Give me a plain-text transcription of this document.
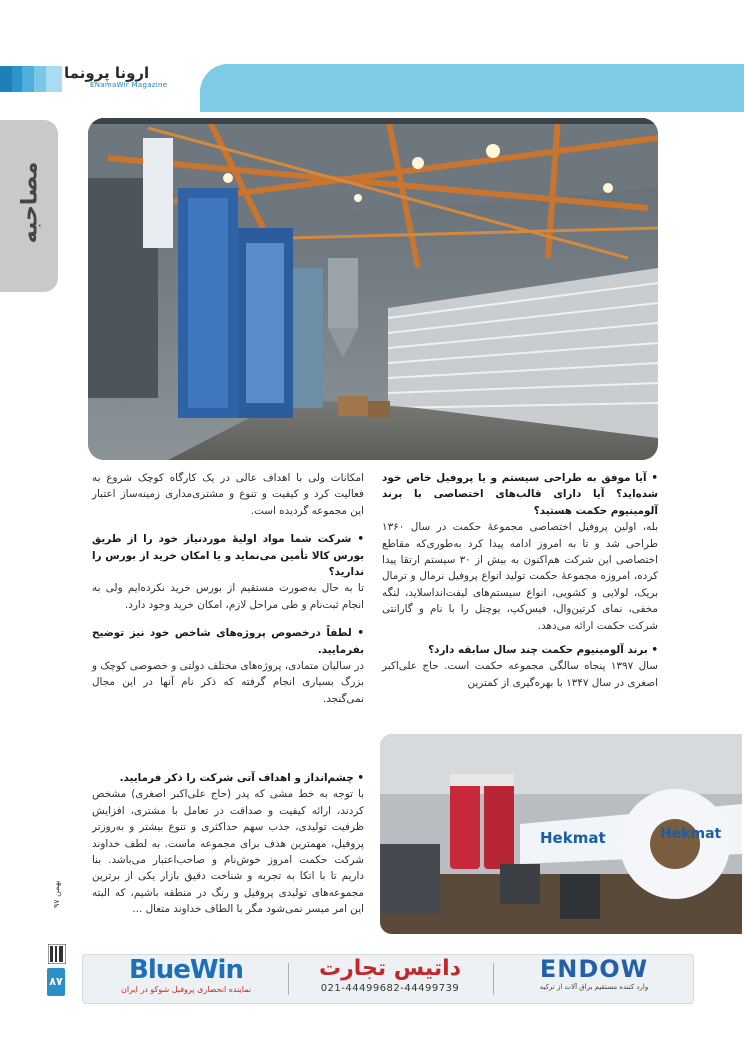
ارونا پرونما
ENamaWir Magazine
مصاحبه
• آیا موفق به طراحی سیستم و یا پروفیل خاص خود شده‌اید؟ آیا دارای قالب‌های اختصاصی با برند آلومینیوم حکمت هستید؟
بله، اولین پروفیل اختصاصی مجموعهٔ حکمت در سال ۱۳۶۰ طراحی شد و تا به امروز ادامه پیدا کرد به‌طوری‌که مقاطع اختصاصی این شرکت هم‌اکنون به بیش از ۳۰ سیستم ارتقا پیدا کرده، امروزه مجموعهٔ حکمت تولید انواع پروفیل نرمال و ترمال بریک، لولایی و کشویی، انواع سیستم‌های لیفت‌اند‌اسلاید، لنگه مخفی، نمای کرتین‌وال، فیس‌کپ، یوچنل را با نام و گارانتی شرکت حکمت ارائه می‌دهد.
• برند آلومینیوم حکمت چند سال سابقه دارد؟
سال ۱۳۹۷ پنجاه سالگی مجموعه حکمت است. حاج علی‌اکبر اصغری در سال ۱۳۴۷ با بهره‌گیری از کمترین
امکانات ولی با اهداف عالی در یک کارگاه کوچک شروع به فعالیت کرد و کیفیت و تنوع و مشتری‌مداری زمینه‌ساز اعتبار این مجموعه گردیده است.
• شرکت شما مواد اولیهٔ موردنیاز خود را از طریق بورس کالا تأمین می‌نماید و یا امکان خرید از بورس را ندارید؟
تا به حال به‌صورت مستقیم از بورس خرید نکرده‌ایم ولی به انجام ثبت‌نام و طی مراحل لازم، امکان خرید وجود دارد.
• لطفاً درخصوص پروژه‌های شاخص خود نیز توضیح بفرمایید.
در سالیان متمادی، پروژه‌های مختلف دولتی و خصوصی کوچک و بزرگ بسیاری انجام گرفته که ذکر نام آنها در این مجال نمی‌گنجد.
• چشم‌انداز و اهداف آتی شرکت را ذکر فرمایید.
با توجه به خط مشی که پدر (حاج علی‌اکبر اصغری) مشخص کردند، ارائه کیفیت و صداقت در تعامل با مشتری، افزایش ظرفیت تولیدی، جذب سهم حداکثری و تنوع بیشتر و به‌روزتر پروفیل، مهمترین هدف برای مجموعه ماست. به لطف خداوند شرکت حکمت امروز خوش‌نام و صاحب‌اعتبار می‌باشد. بنا داریم تا با اتکا به تجربه و شناخت دقیق بازار یکی از برترین مجموعه‌های تولیدی پروفیل و رنگ در منطقه باشیم، که البته این امر میسر نمی‌شود مگر با الطاف خداوند متعال ...
Hekmat	Hekmat
بهمن ۹۷
۸۷	BlueWin
نماینده انحصاری پروفیل شوکو در ایران
داتیس تجارت
021-44499682-44499739
ENDOW
وارد کننده مستقیم یراق آلات از ترکیه
